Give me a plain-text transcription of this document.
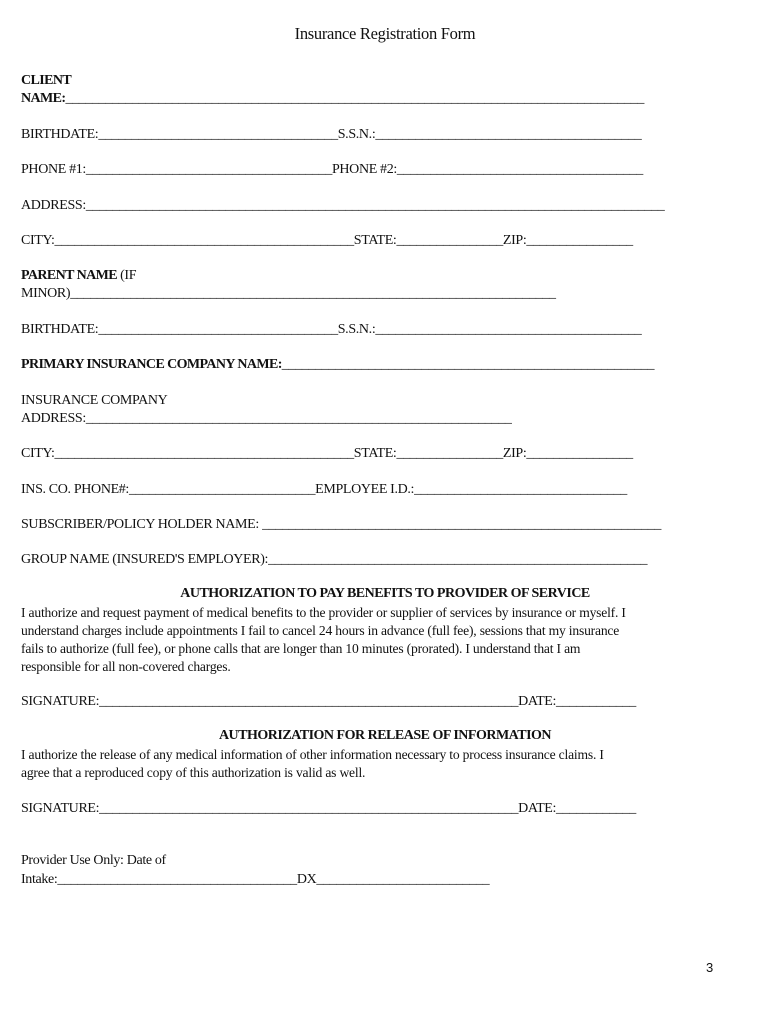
Insurance Registration Form
CLIENT
NAME:_______________________________________________________________________________________
BIRTHDATE:____________________________________S.S.N.:________________________________________
PHONE #1:_____________________________________PHONE #2:_____________________________________
ADDRESS:_______________________________________________________________________________________
CITY:_____________________________________________STATE:________________ZIP:________________
PARENT NAME (IF
MINOR)_________________________________________________________________________
BIRTHDATE:____________________________________S.S.N.:________________________________________
PRIMARY INSURANCE COMPANY NAME:________________________________________________________
INSURANCE COMPANY
ADDRESS:________________________________________________________________
CITY:_____________________________________________STATE:________________ZIP:________________
INS. CO. PHONE#:____________________________EMPLOYEE I.D.:________________________________
SUBSCRIBER/POLICY HOLDER NAME: ____________________________________________________________
GROUP NAME (INSURED'S EMPLOYER):_________________________________________________________
AUTHORIZATION TO PAY BENEFITS TO PROVIDER OF SERVICE
I authorize and request payment of medical benefits to the provider or supplier of services by insurance or myself. I
understand charges include appointments I fail to cancel 24 hours in advance (full fee), sessions that my insurance
fails to authorize (full fee), or phone calls that are longer than 10 minutes (prorated). I understand that I am
responsible for all non-covered charges.
SIGNATURE:_______________________________________________________________DATE:____________
AUTHORIZATION FOR RELEASE OF INFORMATION
I authorize the release of any medical information of other information necessary to process insurance claims. I
agree that a reproduced copy of this authorization is valid as well.
SIGNATURE:_______________________________________________________________DATE:____________
Provider Use Only: Date of
Intake:____________________________________DX__________________________
3
